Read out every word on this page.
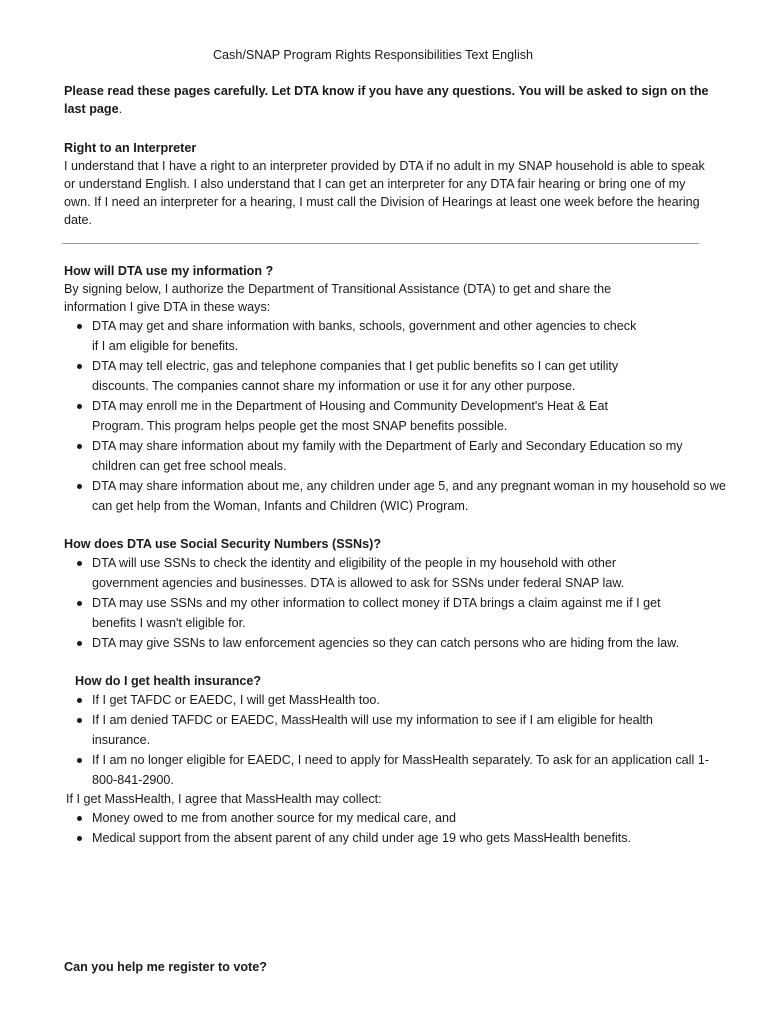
Cash/SNAP Program Rights Responsibilities Text English
Please read these pages carefully. Let DTA know if you have any questions. You will be asked to sign on the last page.
Right to an Interpreter
I understand that I have a right to an interpreter provided by DTA if no adult in my SNAP household is able to speak or understand English. I also understand that I can get an interpreter for any DTA fair hearing or bring one of my own. If I need an interpreter for a hearing, I must call the Division of Hearings at least one week before the hearing date.
How will DTA use my information ?
By signing below, I authorize the Department of Transitional Assistance (DTA) to get and share the information I give DTA in these ways:
DTA may get and share information with banks, schools, government and other agencies to check if I am eligible for benefits.
DTA may tell electric, gas and telephone companies that I get public benefits so I can get utility discounts. The companies cannot share my information or use it for any other purpose.
DTA may enroll me in the Department of Housing and Community Development's Heat & Eat Program. This program helps people get the most SNAP benefits possible.
DTA may share information about my family with the Department of Early and Secondary Education so my children can get free school meals.
DTA may share information about me, any children under age 5, and any pregnant woman in my household so we can get help from the Woman, Infants and Children (WIC) Program.
How does DTA use Social Security Numbers (SSNs)?
DTA will use SSNs to check the identity and eligibility of the people in my household with other government agencies and businesses. DTA is allowed to ask for SSNs under federal SNAP law.
DTA may use SSNs and my other information to collect money if DTA brings a claim against me if I get benefits I wasn't eligible for.
DTA may give SSNs to law enforcement agencies so they can catch persons who are hiding from the law.
How do I get health insurance?
If I get TAFDC or EAEDC, I will get MassHealth too.
If I am denied TAFDC or EAEDC, MassHealth will use my information to see if I am eligible for health insurance.
If I am no longer eligible for EAEDC, I need to apply for MassHealth separately. To ask for an application call 1-800-841-2900.
If I get MassHealth, I agree that MassHealth may collect:
Money owed to me from another source for my medical care, and
Medical support from the absent parent of any child under age 19 who gets MassHealth benefits.
Can you help me register to vote?
